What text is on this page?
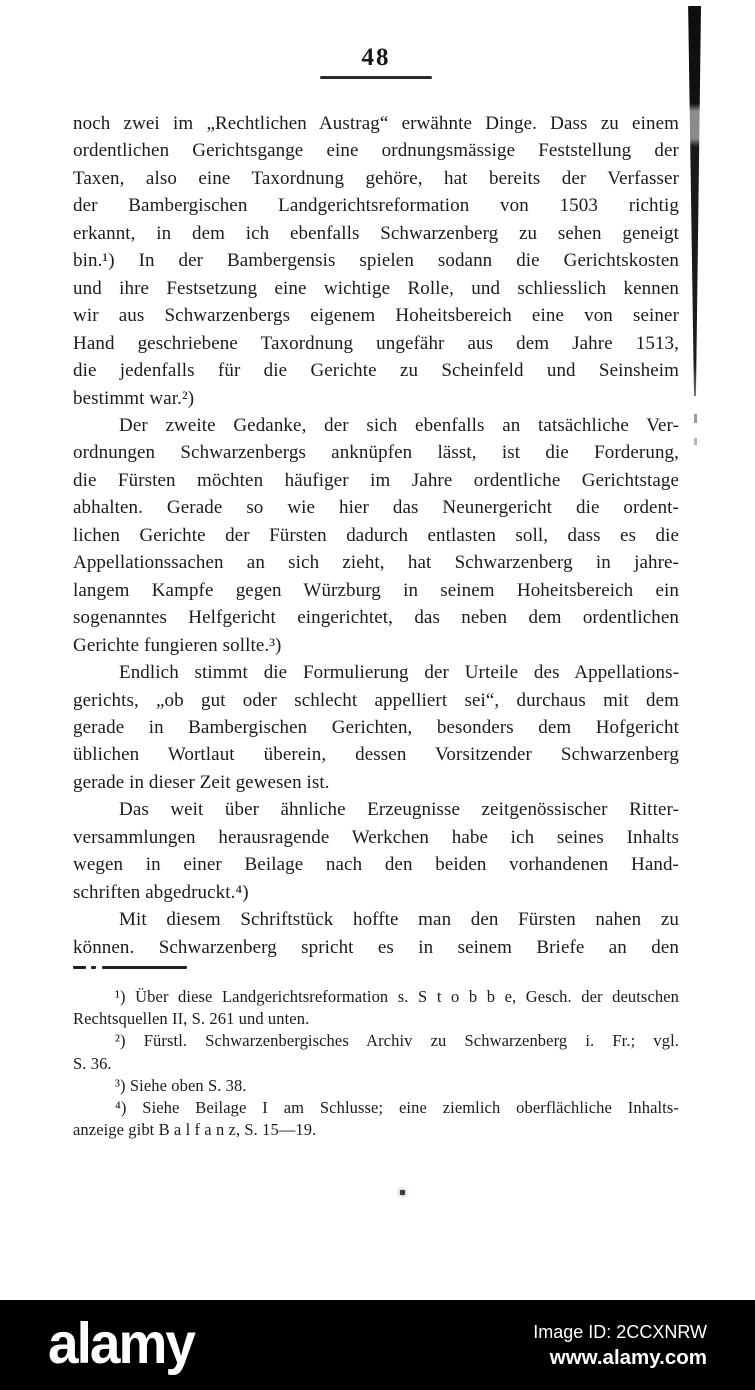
48
noch zwei im „Rechtlichen Austrag“ erwähnte Dinge. Dass zu einem
ordentlichen Gerichtsgange eine ordnungsmässige Feststellung der
Taxen, also eine Taxordnung gehöre, hat bereits der Verfasser
der Bambergischen Landgerichtsreformation von 1503 richtig
erkannt, in dem ich ebenfalls Schwarzenberg zu sehen geneigt
bin.¹) In der Bambergensis spielen sodann die Gerichtskosten
und ihre Festsetzung eine wichtige Rolle, und schliesslich kennen
wir aus Schwarzenbergs eigenem Hoheitsbereich eine von seiner
Hand geschriebene Taxordnung ungefähr aus dem Jahre 1513,
die jedenfalls für die Gerichte zu Scheinfeld und Seinsheim
bestimmt war.²)
Der zweite Gedanke, der sich ebenfalls an tatsächliche Ver-
ordnungen Schwarzenbergs anknüpfen lässt, ist die Forderung,
die Fürsten möchten häufiger im Jahre ordentliche Gerichtstage
abhalten. Gerade so wie hier das Neunergericht die ordent-
lichen Gerichte der Fürsten dadurch entlasten soll, dass es die
Appellationssachen an sich zieht, hat Schwarzenberg in jahre-
langem Kampfe gegen Würzburg in seinem Hoheitsbereich ein
sogenanntes Helfgericht eingerichtet, das neben dem ordentlichen
Gerichte fungieren sollte.³)
Endlich stimmt die Formulierung der Urteile des Appellations-
gerichts, „ob gut oder schlecht appelliert sei“, durchaus mit dem
gerade in Bambergischen Gerichten, besonders dem Hofgericht
üblichen Wortlaut überein, dessen Vorsitzender Schwarzenberg
gerade in dieser Zeit gewesen ist.
Das weit über ähnliche Erzeugnisse zeitgenössischer Ritter-
versammlungen herausragende Werkchen habe ich seines Inhalts
wegen in einer Beilage nach den beiden vorhandenen Hand-
schriften abgedruckt.⁴)
Mit diesem Schriftstück hoffte man den Fürsten nahen zu
können. Schwarzenberg spricht es in seinem Briefe an den
¹) Über diese Landgerichtsreformation s. S t o b b e, Gesch. der deutschen
Rechtsquellen II, S. 261 und unten.
²) Fürstl. Schwarzenbergisches Archiv zu Schwarzenberg i. Fr.; vgl.
S. 36.
³) Siehe oben S. 38.
⁴) Siehe Beilage I am Schlusse; eine ziemlich oberflächliche Inhalts-
anzeige gibt B a l f a n z, S. 15—19.
alamy	Image ID: 2CCXNRW
www.alamy.com
